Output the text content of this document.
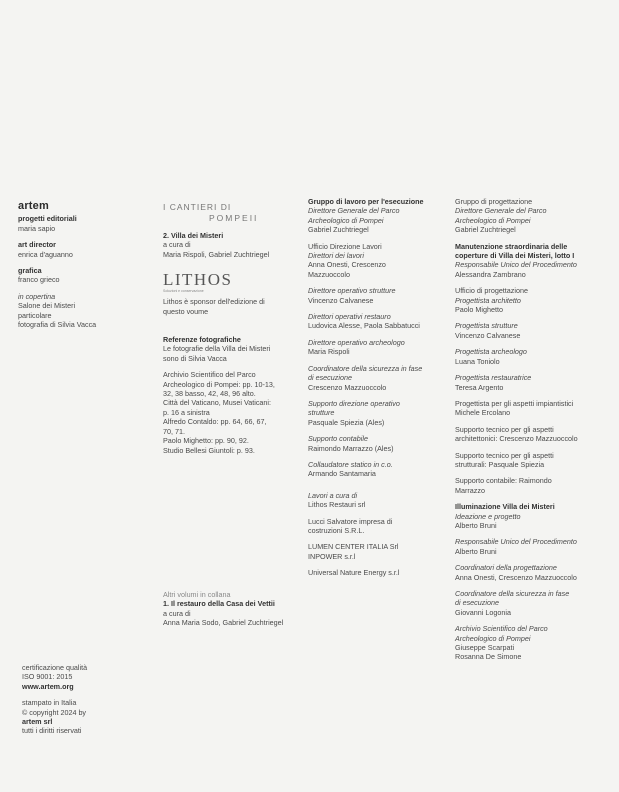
artem

progetti editoriali

maria sapio

art director

enrica d'aguanno

grafica

franco grieco

in copertina

Salone dei Misteri

particolare

fotografia di Silvia Vacca

certificazione qualità

ISO 9001: 2015

www.artem.org

stampato in Italia

© copyright 2024 by

artem srl

tutti i diritti riservati

I CANTIERI DI
POMPEII

2. Villa dei Misteri

a cura di

Maria Rispoli, Gabriel Zuchtriegel

LITHOS
Soluzioni e conservazione

Lithos è sponsor dell'edizione di

questo voume

Referenze fotografiche

Le fotografie della Villa dei Misteri

sono di Silvia Vacca

Archivio Scientifico del Parco

Archeologico di Pompei: pp. 10-13,

32, 38 basso, 42, 48, 96 alto.

Città del Vaticano, Musei Vaticani:

p. 16 a sinistra

Alfredo Contaldo: pp. 64, 66, 67,

70, 71.

Paolo Mighetto: pp. 90, 92.

Studio Bellesi Giuntoli: p. 93.

Altri volumi in collana

1. Il restauro della Casa dei Vettii

a cura di

Anna Maria Sodo, Gabriel Zuchtriegel

Gruppo di lavoro per l'esecuzione

Direttore Generale del Parco

Archeologico di Pompei

Gabriel Zuchtriegel

Ufficio Direzione Lavori

Direttori dei lavori

Anna Onesti, Crescenzo

Mazzuoccolo

Direttore operativo strutture

Vincenzo Calvanese

Direttori operativi restauro

Ludovica Alesse, Paola Sabbatucci

Direttore operativo archeologo

Maria Rispoli

Coordinatore della sicurezza in fase

di esecuzione

Crescenzo Mazzuoccolo

Supporto direzione operativo

strutture

Pasquale Spiezia (Ales)

Supporto contabile

Raimondo Marrazzo (Ales)

Collaudatore statico in c.o.

Armando Santamaria

Lavori a cura di

Lithos Restauri srl

Lucci Salvatore impresa di

costruzioni S.R.L.

LUMEN CENTER ITALIA Srl

INPOWER s.r.l

Universal Nature Energy s.r.l

Gruppo di progettazione

Direttore Generale del Parco

Archeologico di Pompei

Gabriel Zuchtriegel

Manutenzione straordinaria delle

coperture di Villa dei Misteri, lotto I

Responsabile Unico del Procedimento

Alessandra Zambrano

Ufficio di progettazione

Progettista architetto

Paolo Mighetto

Progettista strutture

Vincenzo Calvanese

Progettista archeologo

Luana Toniolo

Progettista restauratrice

Teresa Argento

Progettista per gli aspetti impiantistici

Michele Ercolano

Supporto tecnico per gli aspetti

architettonici: Crescenzo Mazzuoccolo

Supporto tecnico per gli aspetti

strutturali: Pasquale Spiezia

Supporto contabile: Raimondo

Marrazzo

Illuminazione Villa dei Misteri

Ideazione e progetto

Alberto Bruni

Responsabile Unico del Procedimento

Alberto Bruni

Coordinatori della progettazione

Anna Onesti, Crescenzo Mazzuoccolo

Coordinatore della sicurezza in fase

di esecuzione

Giovanni Logonia

Archivio Scientifico del Parco

Archeologico di Pompei

Giuseppe Scarpati

Rosanna De Simone
